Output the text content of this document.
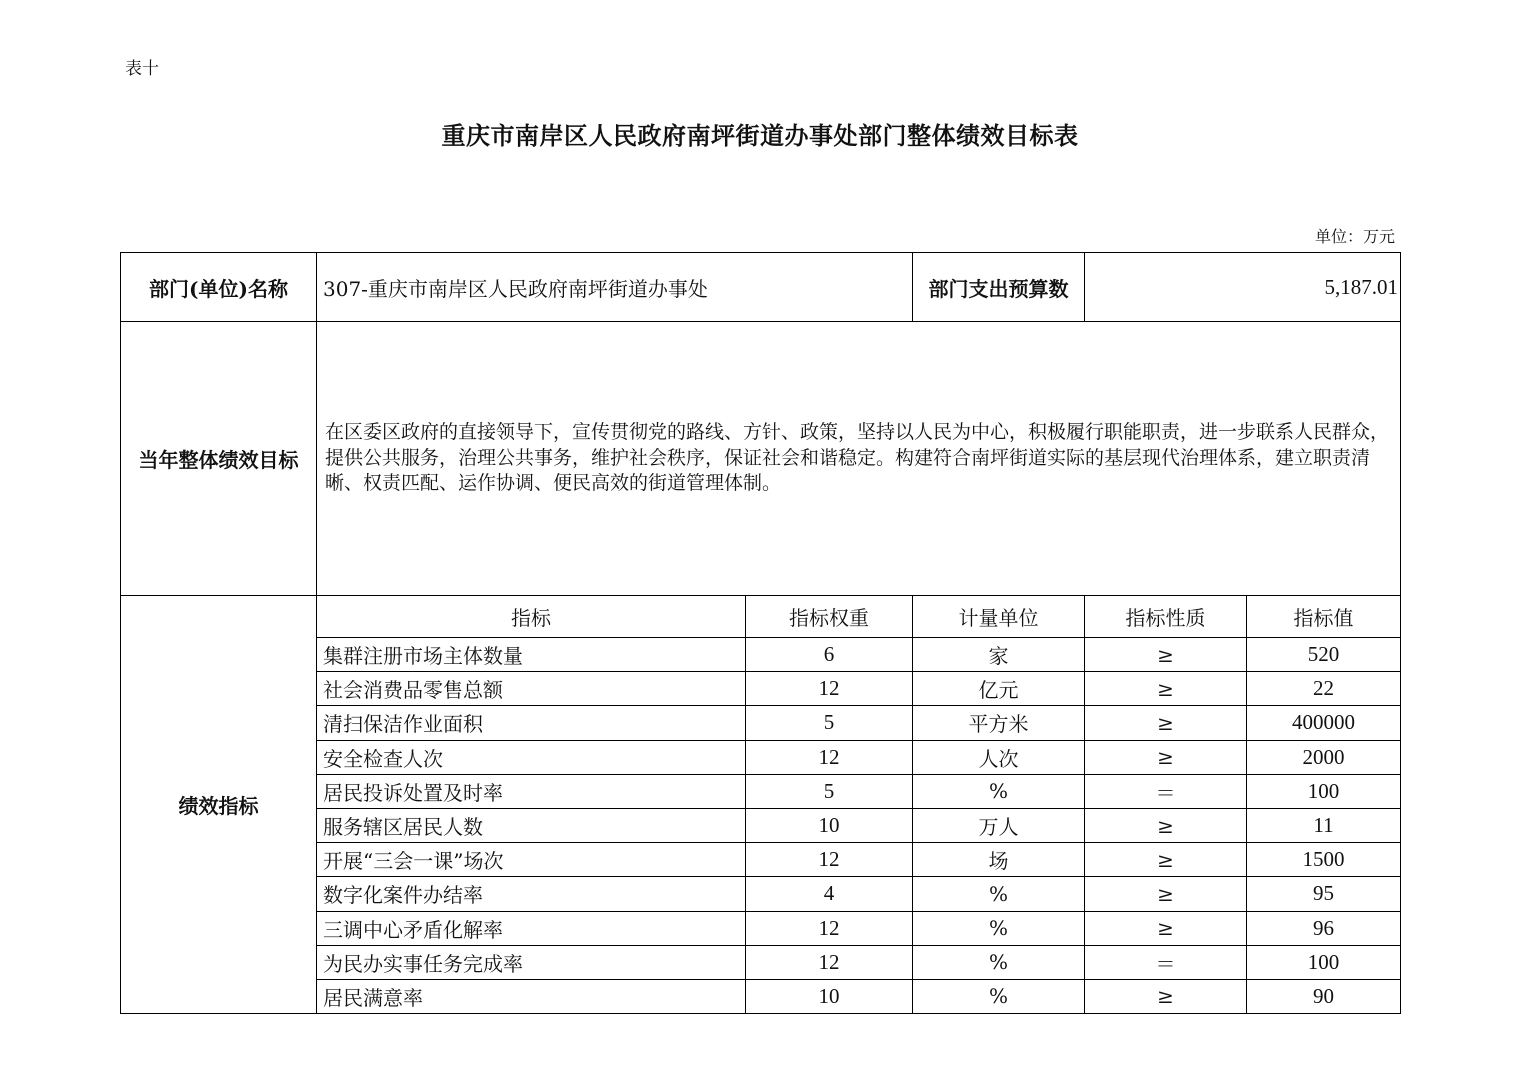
表十
重庆市南岸区人民政府南坪街道办事处部门整体绩效目标表
单位：万元
部门(单位)名称	307-重庆市南岸区人民政府南坪街道办事处		部门支出预算数	5,187.01	
当年整体绩效目标	在区委区政府的直接领导下，宣传贯彻党的路线、方针、政策，坚持以人民为中心，积极履行职能职责，进一步联系人民群众，提供公共服务，治理公共事务，维护社会秩序，保证社会和谐稳定。构建符合南坪街道实际的基层现代治理体系，建立职责清晰、权责匹配、运作协调、便民高效的街道管理体制。				
绩效指标	指标	指标权重	计量单位	指标性质	指标值
	集群注册市场主体数量	6	家	≥	520
	社会消费品零售总额	12	亿元	≥	22
	清扫保洁作业面积	5	平方米	≥	400000
	安全检查人次	12	人次	≥	2000
	居民投诉处置及时率	5	%	＝	100
	服务辖区居民人数	10	万人	≥	11
	开展“三会一课”场次	12	场	≥	1500
	数字化案件办结率	4	%	≥	95
	三调中心矛盾化解率	12	%	≥	96
	为民办实事任务完成率	12	%	＝	100
	居民满意率	10	%	≥	90
